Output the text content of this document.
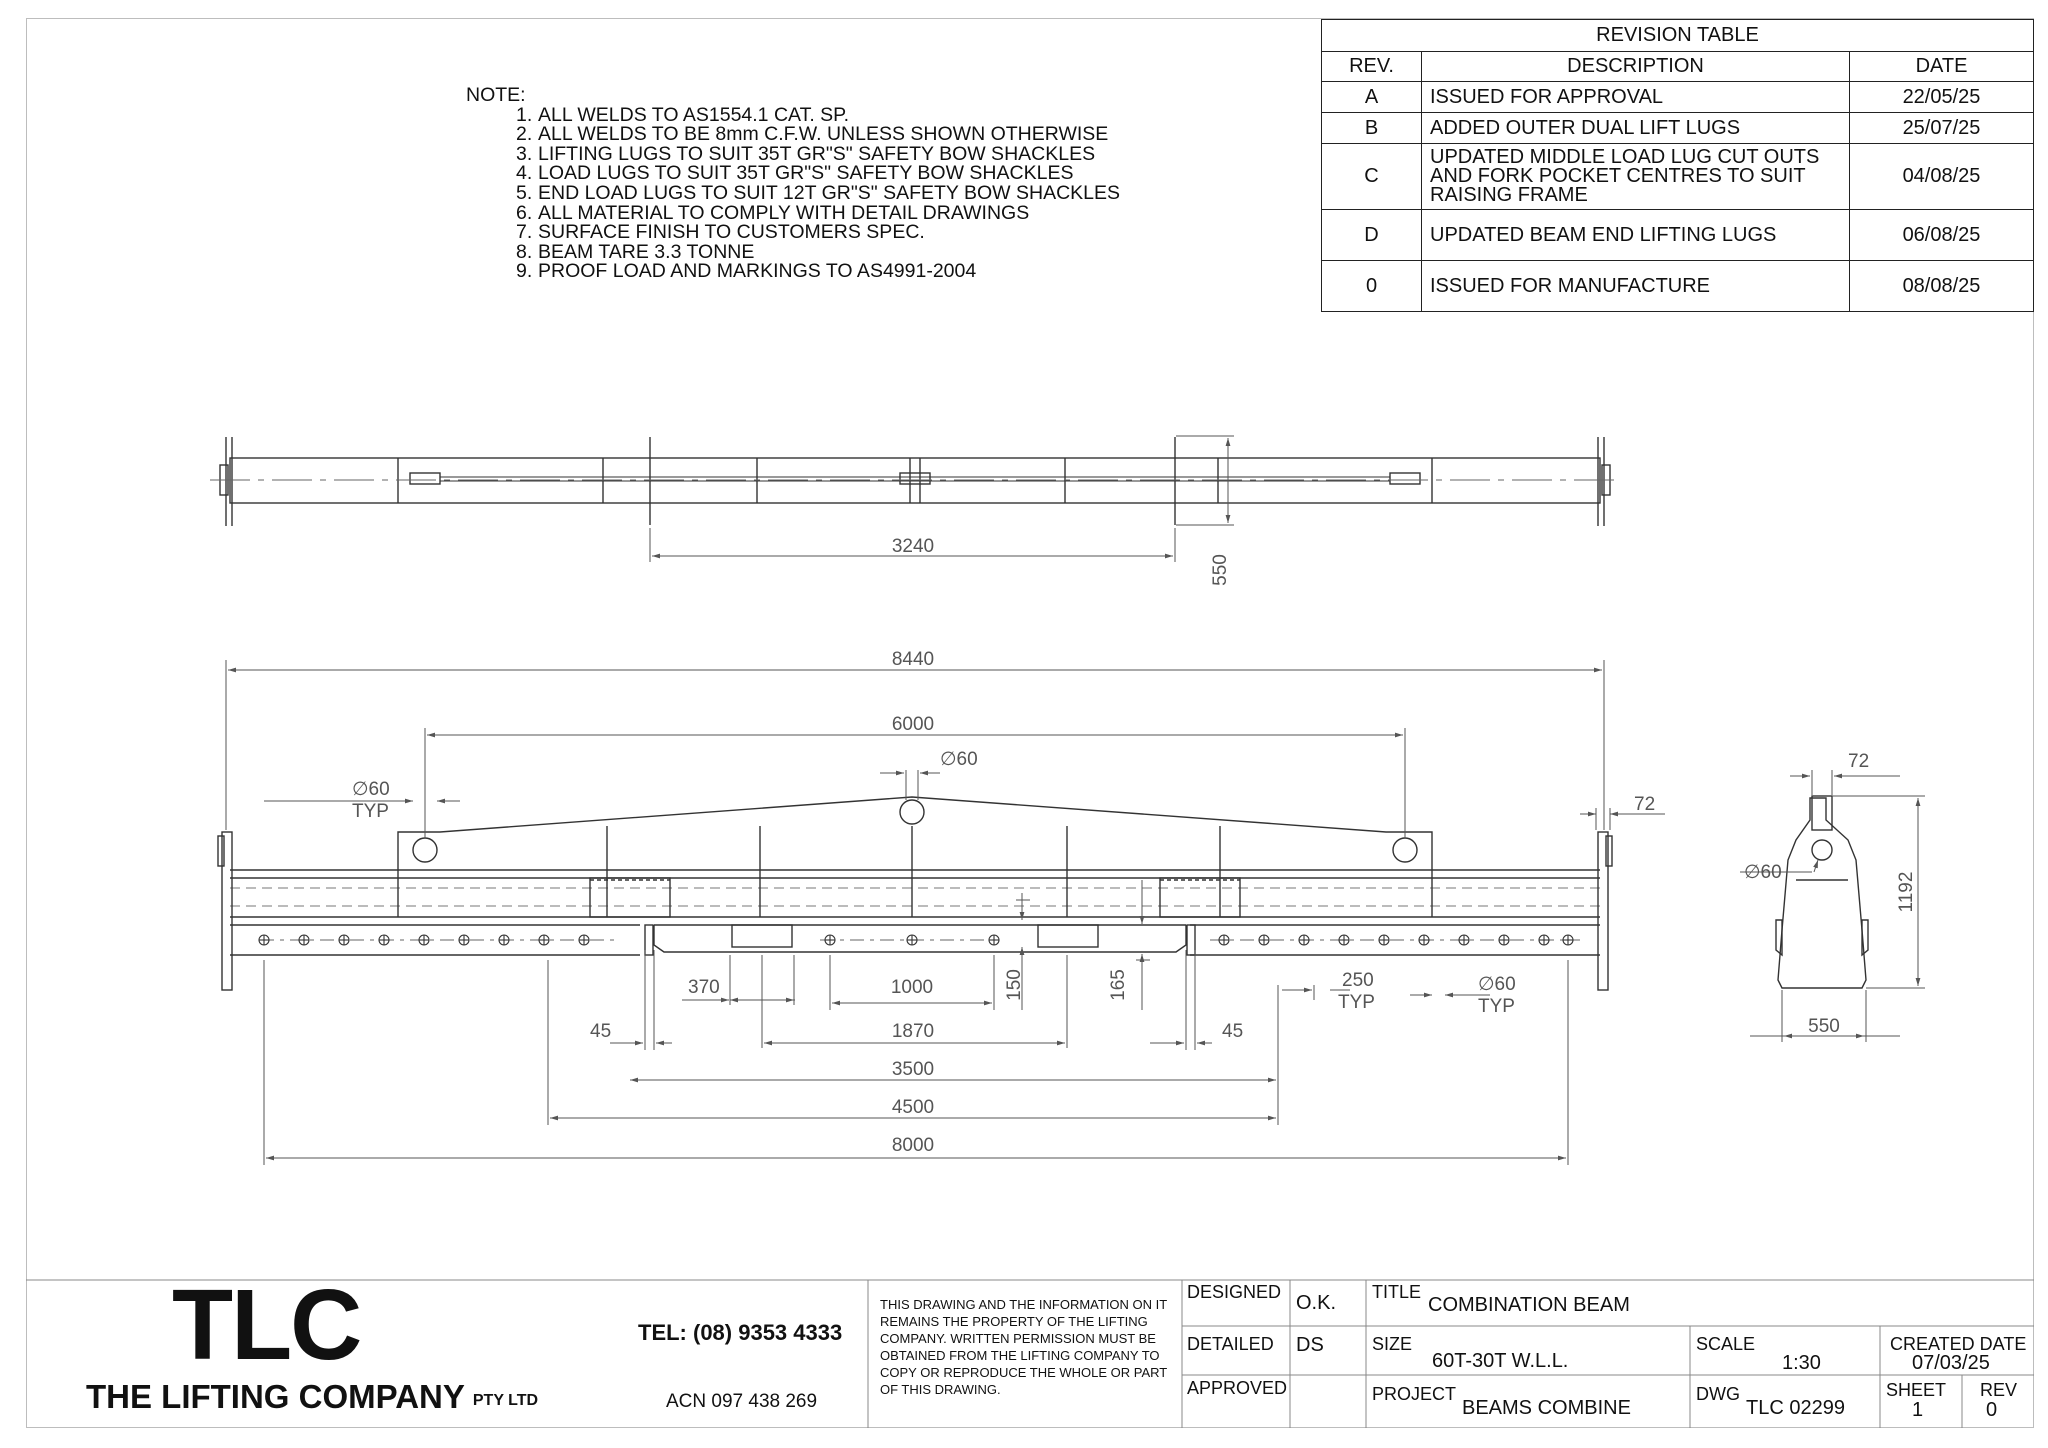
NOTE:
1. ALL WELDS TO AS1554.1 CAT. SP.
2. ALL WELDS TO BE 8mm C.F.W. UNLESS SHOWN OTHERWISE
3. LIFTING LUGS TO SUIT 35T GR"S" SAFETY BOW SHACKLES
4. LOAD LUGS TO SUIT 35T GR"S" SAFETY BOW SHACKLES
5. END LOAD LUGS TO SUIT 12T GR"S" SAFETY BOW SHACKLES
6. ALL MATERIAL TO COMPLY WITH DETAIL DRAWINGS
7. SURFACE FINISH TO CUSTOMERS SPEC.
8. BEAM TARE 3.3 TONNE
9. PROOF LOAD AND MARKINGS TO AS4991-2004
REVISION TABLE		
REV.	DESCRIPTION	DATE
A	ISSUED FOR APPROVAL	22/05/25
B	ADDED OUTER DUAL LIFT LUGS	25/07/25
C	UPDATED MIDDLE LOAD LUG CUT OUTS AND FORK POCKET CENTRES TO SUIT RAISING FRAME	04/08/25
D	UPDATED BEAM END LIFTING LUGS	06/08/25
0	ISSUED FOR MANUFACTURE	08/08/25
3240
550
8440
6000
∅60
∅60
TYP	72
370	1000	150	165
45	45
1870
3500
4500
8000
250
TYP
∅60
TYP
72
∅60	1192
550
TLC
THE LIFTING COMPANY $^{PTY LTD}$
TEL: (08) 9353 4333
ACN 097 438 269
THIS DRAWING AND THE INFORMATION ON IT REMAINS THE PROPERTY OF THE LIFTING COMPANY. WRITTEN PERMISSION MUST BE OBTAINED FROM THE LIFTING COMPANY TO COPY OR REPRODUCE THE WHOLE OR PART OF THIS DRAWING.
DESIGNED O.K.
DETAILED DS
APPROVED
TITLE
COMBINATION BEAM
SIZE
60T-30T W.L.L.
PROJECT
BEAMS COMBINE
SCALE
1:30
DWG
TLC 02299
CREATED DATE
07/03/25
SHEET
1
REV
0
